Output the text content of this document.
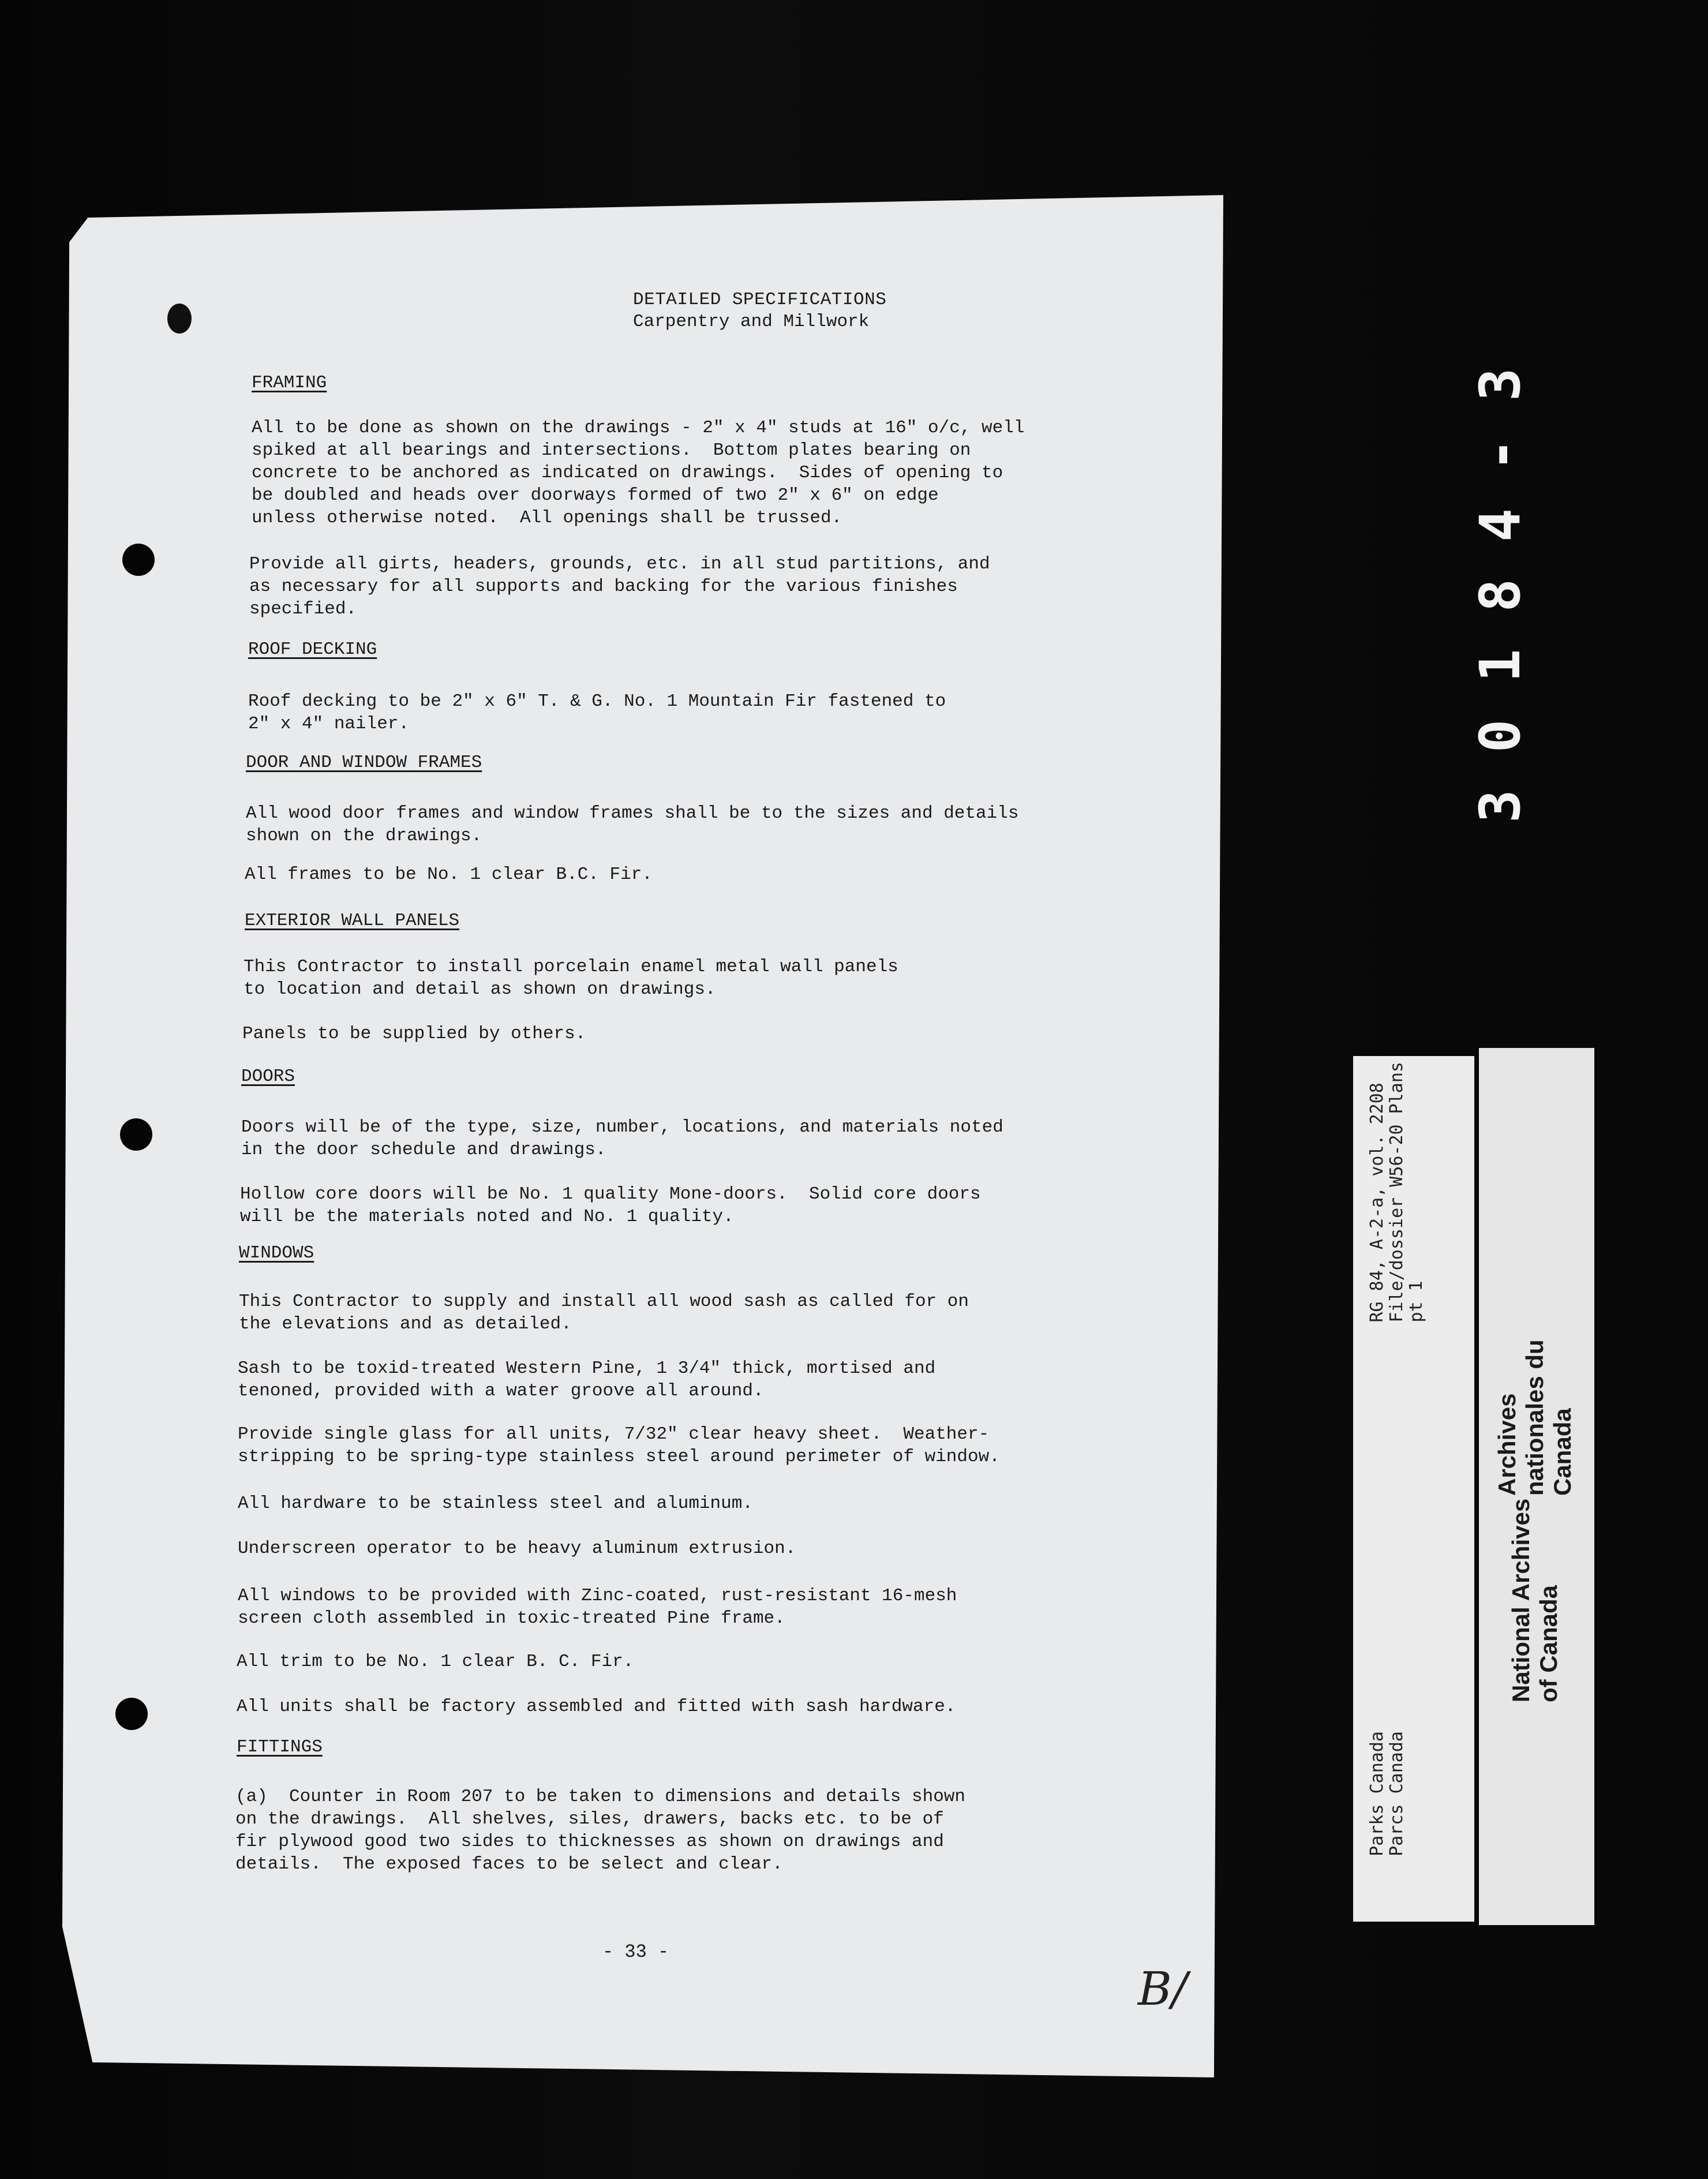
DETAILED SPECIFICATIONS
Carpentry and Millwork
FRAMING
All to be done as shown on the drawings - 2" x 4" studs at 16" o/c, well
spiked at all bearings and intersections.  Bottom plates bearing on
concrete to be anchored as indicated on drawings.  Sides of opening to
be doubled and heads over doorways formed of two 2" x 6" on edge
unless otherwise noted.  All openings shall be trussed.
Provide all girts, headers, grounds, etc. in all stud partitions, and
as necessary for all supports and backing for the various finishes
specified.
ROOF DECKING
Roof decking to be 2" x 6" T. & G. No. 1 Mountain Fir fastened to
2" x 4" nailer.
DOOR AND WINDOW FRAMES
All wood door frames and window frames shall be to the sizes and details
shown on the drawings.
All frames to be No. 1 clear B.C. Fir.
EXTERIOR WALL PANELS
This Contractor to install porcelain enamel metal wall panels
to location and detail as shown on drawings.
Panels to be supplied by others.
DOORS
Doors will be of the type, size, number, locations, and materials noted
in the door schedule and drawings.
Hollow core doors will be No. 1 quality Mone-doors.  Solid core doors
will be the materials noted and No. 1 quality.
WINDOWS
This Contractor to supply and install all wood sash as called for on
the elevations and as detailed.
Sash to be toxid-treated Western Pine, 1 3/4" thick, mortised and
tenoned, provided with a water groove all around.
Provide single glass for all units, 7/32" clear heavy sheet.  Weather-
stripping to be spring-type stainless steel around perimeter of window.
All hardware to be stainless steel and aluminum.
Underscreen operator to be heavy aluminum extrusion.
All windows to be provided with Zinc-coated, rust-resistant 16-mesh
screen cloth assembled in toxic-treated Pine frame.
All trim to be No. 1 clear B. C. Fir.
All units shall be factory assembled and fitted with sash hardware.
FITTINGS
(a)  Counter in Room 207 to be taken to dimensions and details shown
on the drawings.  All shelves, siles, drawers, backs etc. to be of
fir plywood good two sides to thicknesses as shown on drawings and
details.  The exposed faces to be select and clear.
- 33 -
B/
30184-3
RG 84, A-2-a, vol. 2208
File/dossier W56-20 Plans
pt 1
Parks Canada
Parcs Canada
National Archives of Canada

Archives nationales du Canada
